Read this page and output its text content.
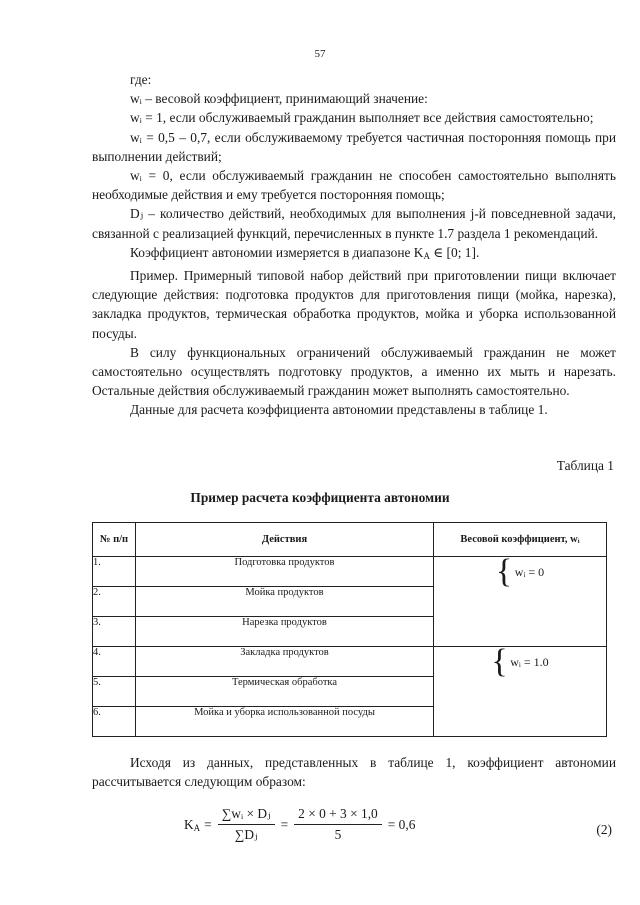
57

где:

wᵢ – весовой коэффициент, принимающий значение:

wᵢ = 1, если обслуживаемый гражданин выполняет все действия самостоятельно;

wᵢ = 0,5 – 0,7, если обслуживаемому требуется частичная посторонняя помощь при выполнении действий;

wᵢ = 0, если обслуживаемый гражданин не способен самостоятельно выполнять необходимые действия и ему требуется посторонняя помощь;

Dⱼ – количество действий, необходимых для выполнения j-й повседневной задачи, связанной с реализацией функций, перечисленных в пункте 1.7 раздела 1 рекомендаций.

Коэффициент автономии измеряется в диапазоне $K_A$ ∈ [0; 1].

Пример. Примерный типовой набор действий при приготовлении пищи включает следующие действия: подготовка продуктов для приготовления пищи (мойка, нарезка), закладка продуктов, термическая обработка продуктов, мойка и уборка использованной посуды.

В силу функциональных ограничений обслуживаемый гражданин не может самостоятельно осуществлять подготовку продуктов, а именно их мыть и нарезать. Остальные действия обслуживаемый гражданин может выполнять самостоятельно.

Данные для расчета коэффициента автономии представлены в таблице 1.

Таблица 1
Пример расчета коэффициента автономии
№ п/п	Действия	Весовой коэффициент, wᵢ
1.	Подготовка продуктов	{ wᵢ = 0
2.	Мойка продуктов	
3.	Нарезка продуктов	
4.	Закладка продуктов	{ wᵢ = 1.0
5.	Термическая обработка	
6.	Мойка и уборка использованной посуды	
Исходя из данных, представленных в таблице 1, коэффициент автономии рассчитывается следующим образом:
$K_A = \frac{\text{∑wᵢ × Dⱼ}}{\text{∑Dⱼ}} = \frac{2 \times 0 + 3 \times 1,0}{5} = 0,6$	(2)
